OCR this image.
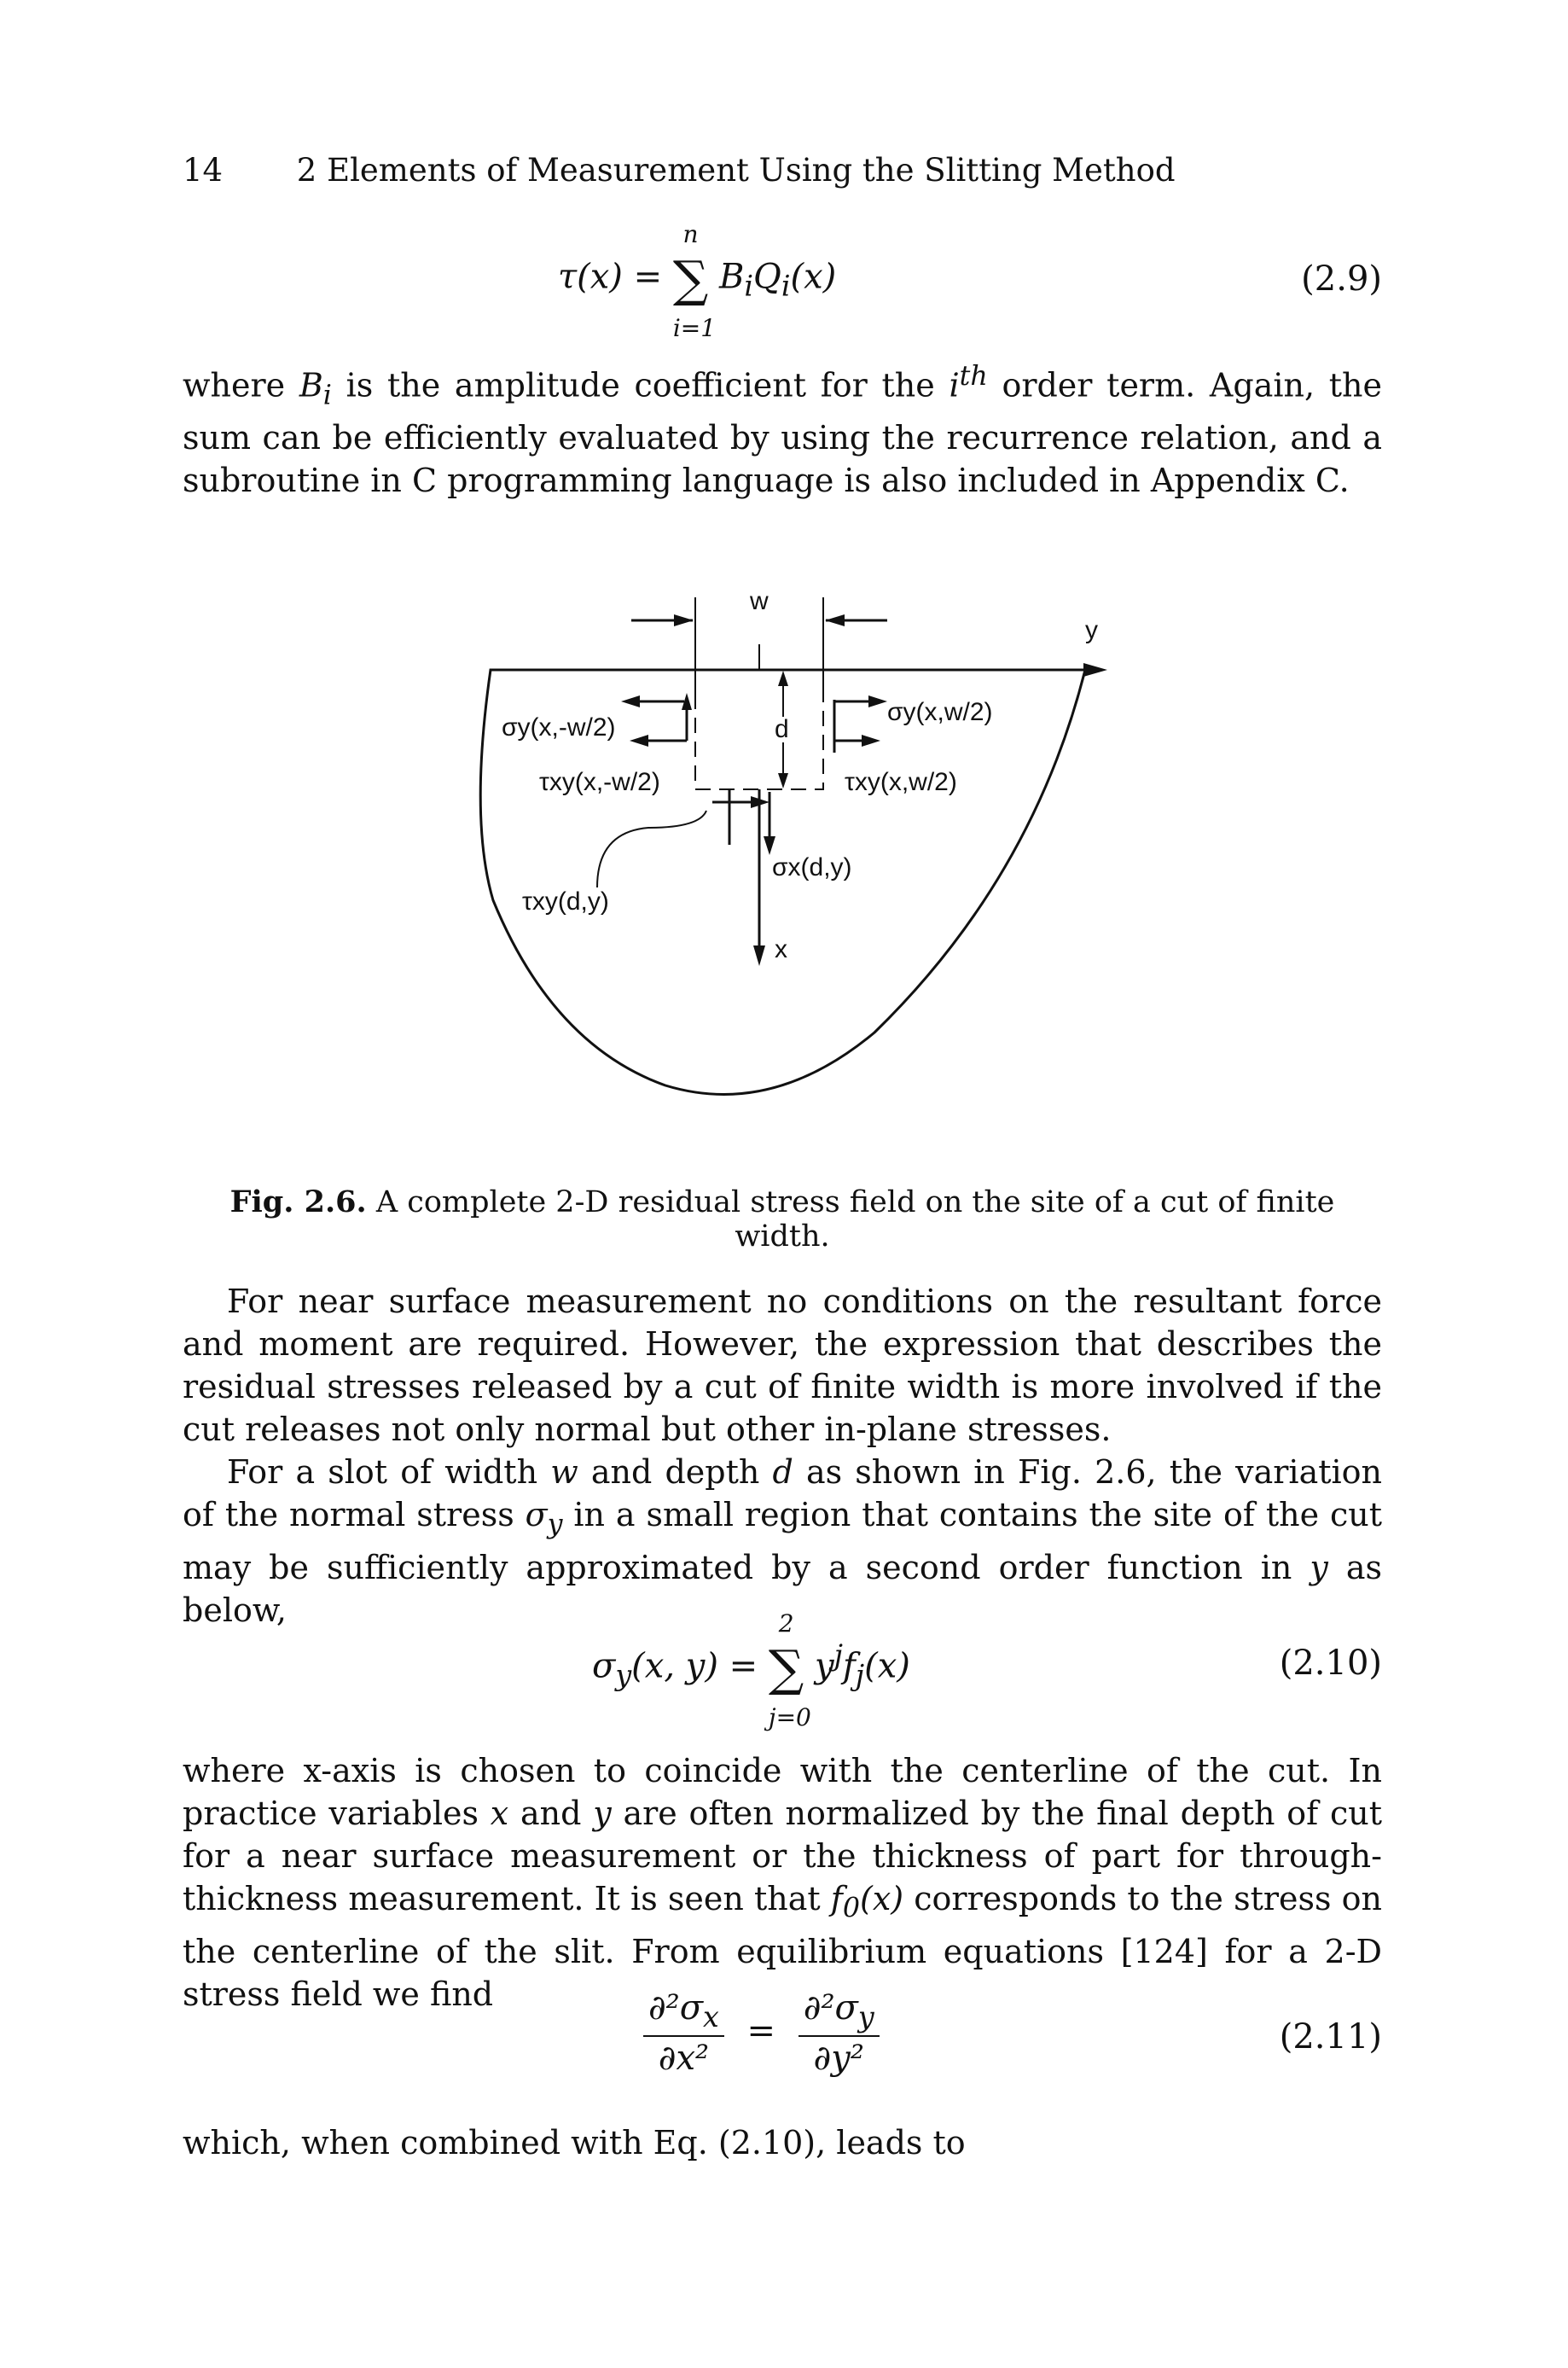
14 2 Elements of Measurement Using the Slitting Method
τ(x) =
n
∑
i=1
$B_iQ_i(x)$	(2.9)
where $B_i$ is the amplitude coefficient for the $i^{th}$ order term. Again, the sum can be efficiently evaluated by using the recurrence relation, and a subroutine in C programming language is also included in Appendix C.
w
y
d
x
σy(x,-w/2)
σy(x,w/2)
τxy(x,-w/2)	τxy(x,w/2)
σx(d,y)
τxy(d,y)
Fig. 2.6. A complete 2-D residual stress field on the site of a cut of finite width.
For near surface measurement no conditions on the resultant force and moment are required. However, the expression that describes the residual stresses released by a cut of finite width is more involved if the cut releases not only normal but other in-plane stresses.
For a slot of width w and depth d as shown in Fig. 2.6, the variation of the normal stress $\sigma_y$ in a small region that contains the site of the cut may be sufficiently approximated by a second order function in y as below,
$\sigma_y(x$, y) =
2
∑
j=0
$y^jf_j(x)$	(2.10)
where x-axis is chosen to coincide with the centerline of the cut. In practice variables x and y are often normalized by the final depth of cut for a near surface measurement or the thickness of part for through-thickness measurement. It is seen that $f_0(x)$ corresponds to the stress on the centerline of the slit. From equilibrium equations [124] for a 2-D stress field we find	$\frac{\partial^2\sigma_x}{\text{∂x²}} = \frac{\partial^2\sigma_y}{\text{∂y²}}$	(2.11)
which, when combined with Eq. (2.10), leads to
